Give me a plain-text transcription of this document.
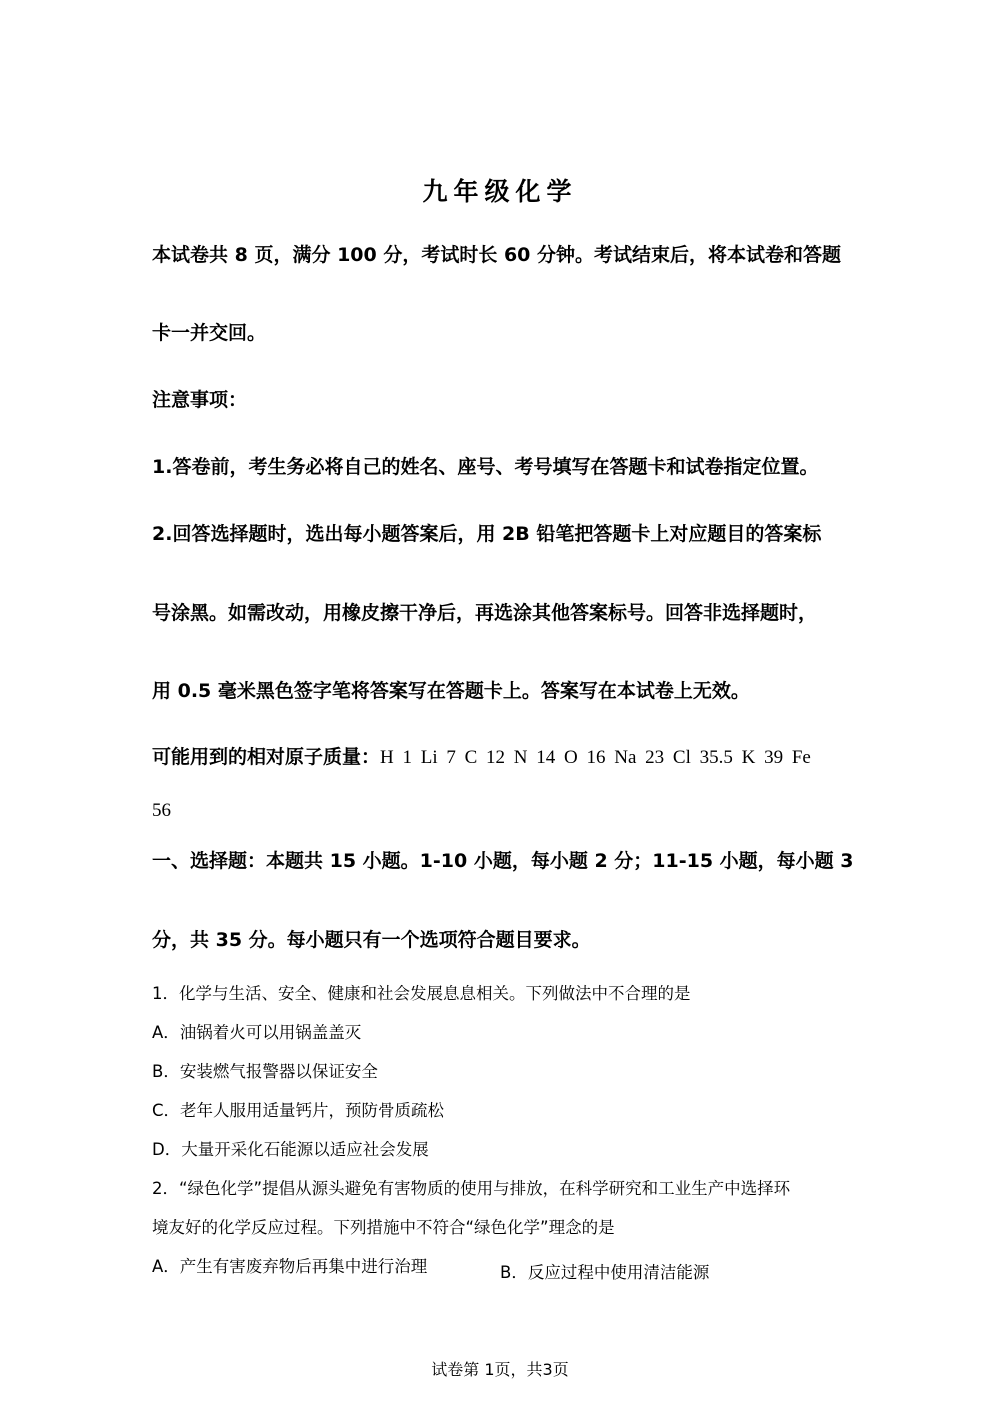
九年级化学
本试卷共 8 页，满分 100 分，考试时长 60 分钟。考试结束后，将本试卷和答题
卡一并交回。
注意事项：
1.答卷前，考生务必将自己的姓名、座号、考号填写在答题卡和试卷指定位置。
2.回答选择题时，选出每小题答案后，用 2B 铅笔把答题卡上对应题目的答案标
号涂黑。如需改动，用橡皮擦干净后，再选涂其他答案标号。回答非选择题时，
用 0.5 毫米黑色签字笔将答案写在答题卡上。答案写在本试卷上无效。
可能用到的相对原子质量：H 1 Li 7 C 12 N 14 O 16 Na 23 Cl 35.5 K 39 Fe
56
一、选择题：本题共 15 小题。1-10 小题，每小题 2 分；11-15 小题，每小题 3
分，共 35 分。每小题只有一个选项符合题目要求。
1．化学与生活、安全、健康和社会发展息息相关。下列做法中不合理的是
A．油锅着火可以用锅盖盖灭
B．安装燃气报警器以保证安全
C．老年人服用适量钙片，预防骨质疏松
D．大量开采化石能源以适应社会发展
2．“绿色化学”提倡从源头避免有害物质的使用与排放，在科学研究和工业生产中选择环
境友好的化学反应过程。下列措施中不符合“绿色化学”理念的是
A．产生有害废弃物后再集中进行治理	B．反应过程中使用清洁能源
试卷第 1页，共3页
